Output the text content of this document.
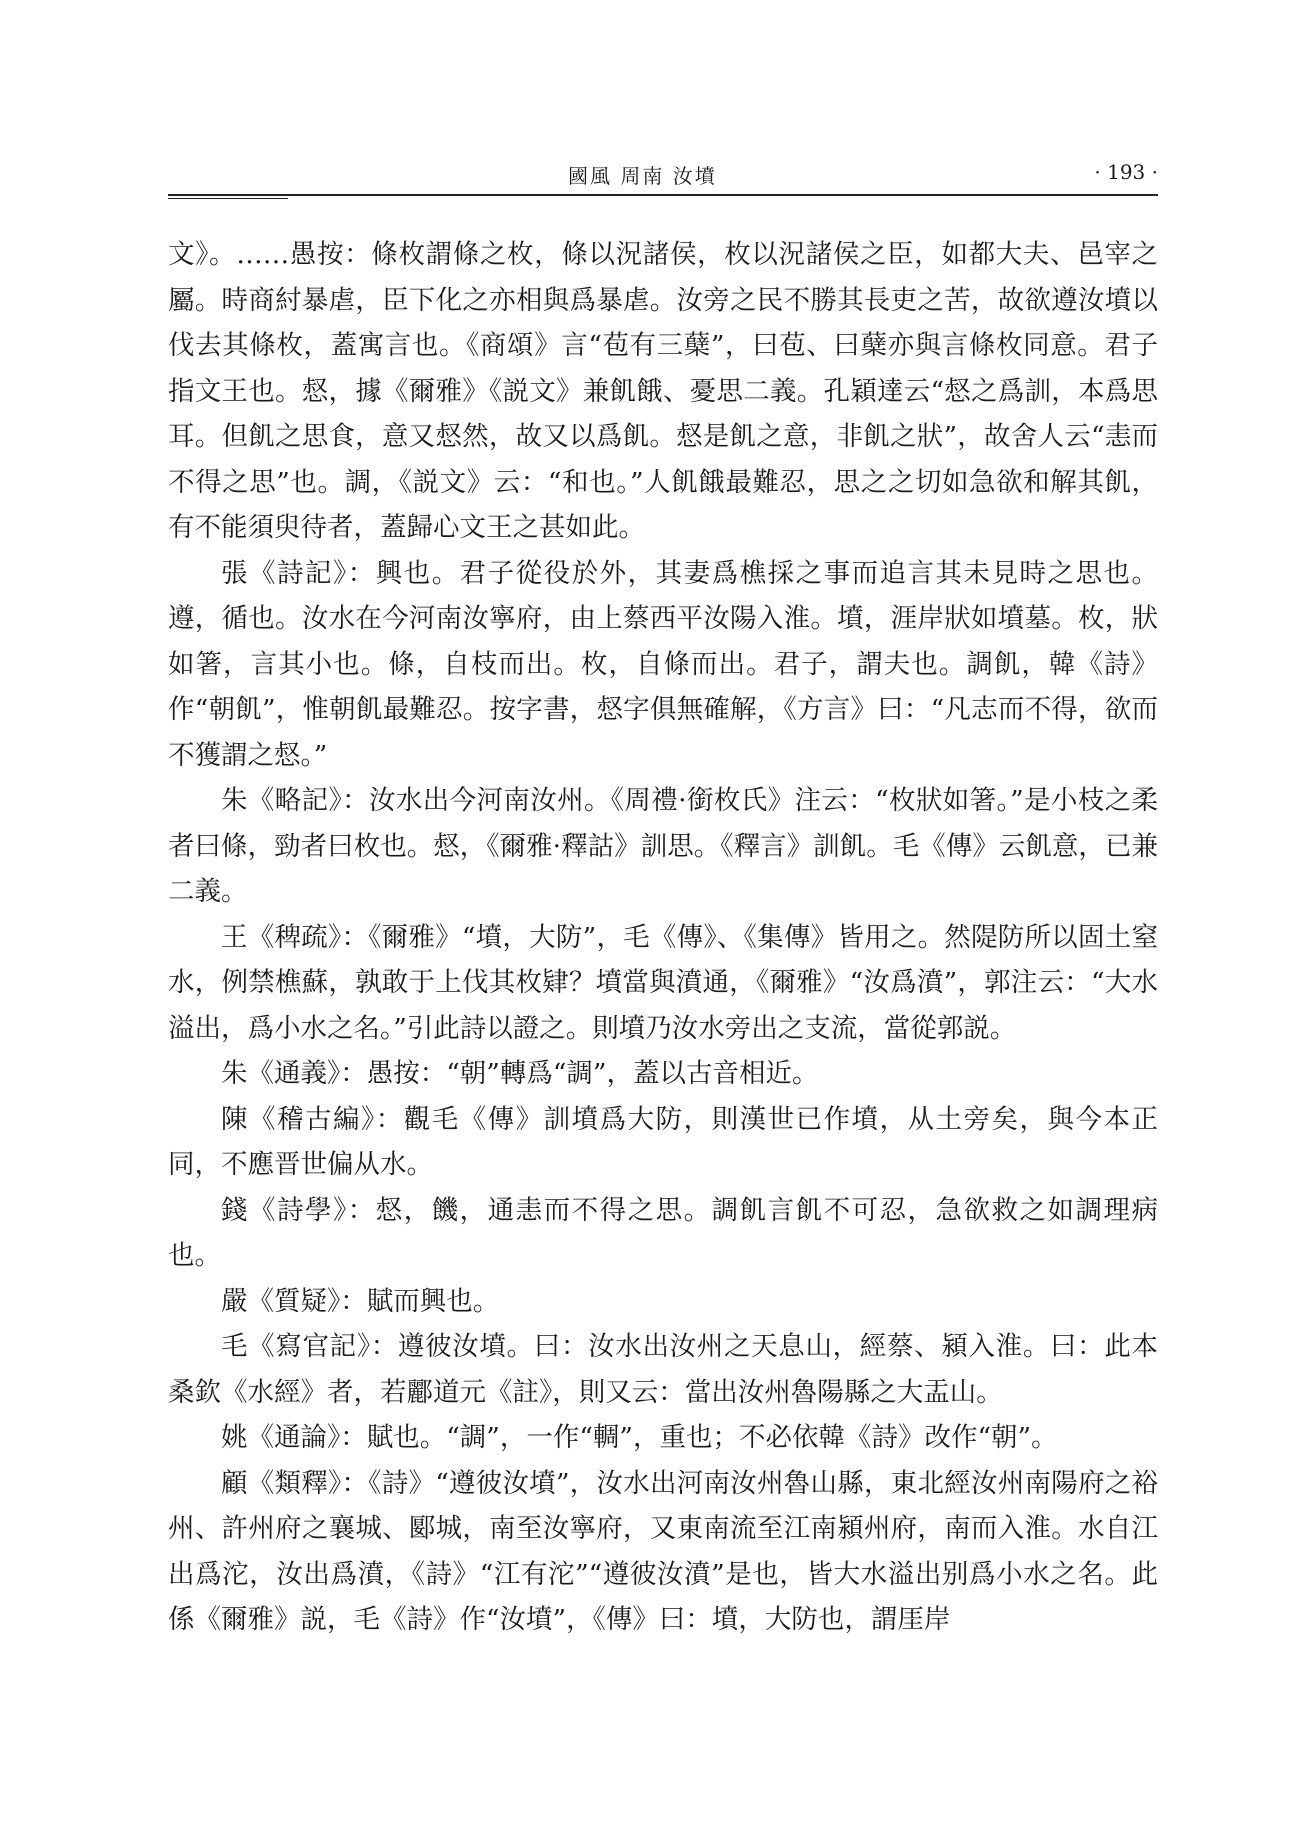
國風 周南 汝墳	· 193 ·

文》。……愚按：條枚謂條之枚，條以況諸侯，枚以況諸侯之臣，如都大夫、邑宰之屬。時商紂暴虐，臣下化之亦相與爲暴虐。汝旁之民不勝其長吏之苦，故欲遵汝墳以伐去其條枚，蓋寓言也。《商頌》言“苞有三蘖”，曰苞、曰蘖亦與言條枚同意。君子指文王也。惄，據《爾雅》《説文》兼飢餓、憂思二義。孔穎達云“惄之爲訓，本爲思耳。但飢之思食，意又惄然，故又以爲飢。惄是飢之意，非飢之狀”，故舍人云“恚而不得之思”也。調，《説文》云：“和也。”人飢餓最難忍，思之之切如急欲和解其飢，有不能須臾待者，蓋歸心文王之甚如此。

張《詩記》：興也。君子從役於外，其妻爲樵採之事而追言其未見時之思也。遵，循也。汝水在今河南汝寧府，由上蔡西平汝陽入淮。墳，涯岸狀如墳墓。枚，狀如箸，言其小也。條，自枝而出。枚，自條而出。君子，謂夫也。調飢，韓《詩》作“朝飢”，惟朝飢最難忍。按字書，惄字俱無確解，《方言》曰：“凡志而不得，欲而不獲謂之惄。”

朱《略記》：汝水出今河南汝州。《周禮·銜枚氏》注云：“枚狀如箸。”是小枝之柔者曰條，勁者曰枚也。惄，《爾雅·釋詁》訓思。《釋言》訓飢。毛《傳》云飢意，已兼二義。

王《稗疏》：《爾雅》“墳，大防”，毛《傳》、《集傳》皆用之。然隄防所以固土窒水，例禁樵蘇，孰敢于上伐其枚肄？墳當與濆通，《爾雅》“汝爲濆”，郭注云：“大水溢出，爲小水之名。”引此詩以證之。則墳乃汝水旁出之支流，當從郭説。

朱《通義》：愚按：“朝”轉爲“調”，蓋以古音相近。

陳《稽古編》：觀毛《傳》訓墳爲大防，則漢世已作墳，从土旁矣，與今本正同，不應晋世偏从水。

錢《詩學》：惄，饑，通恚而不得之思。調飢言飢不可忍，急欲救之如調理病也。

嚴《質疑》：賦而興也。

毛《寫官記》：遵彼汝墳。曰：汝水出汝州之天息山，經蔡、潁入淮。曰：此本桑欽《水經》者，若酈道元《註》，則又云：當出汝州魯陽縣之大盂山。

姚《通論》：賦也。“調”，一作“輖”，重也；不必依韓《詩》改作“朝”。

顧《類釋》：《詩》“遵彼汝墳”，汝水出河南汝州魯山縣，東北經汝州南陽府之裕州、許州府之襄城、郾城，南至汝寧府，又東南流至江南潁州府，南而入淮。水自江出爲沱，汝出爲濆，《詩》“江有沱”“遵彼汝濆”是也，皆大水溢出别爲小水之名。此係《爾雅》説，毛《詩》作“汝墳”，《傳》曰：墳，大防也，謂厓岸
